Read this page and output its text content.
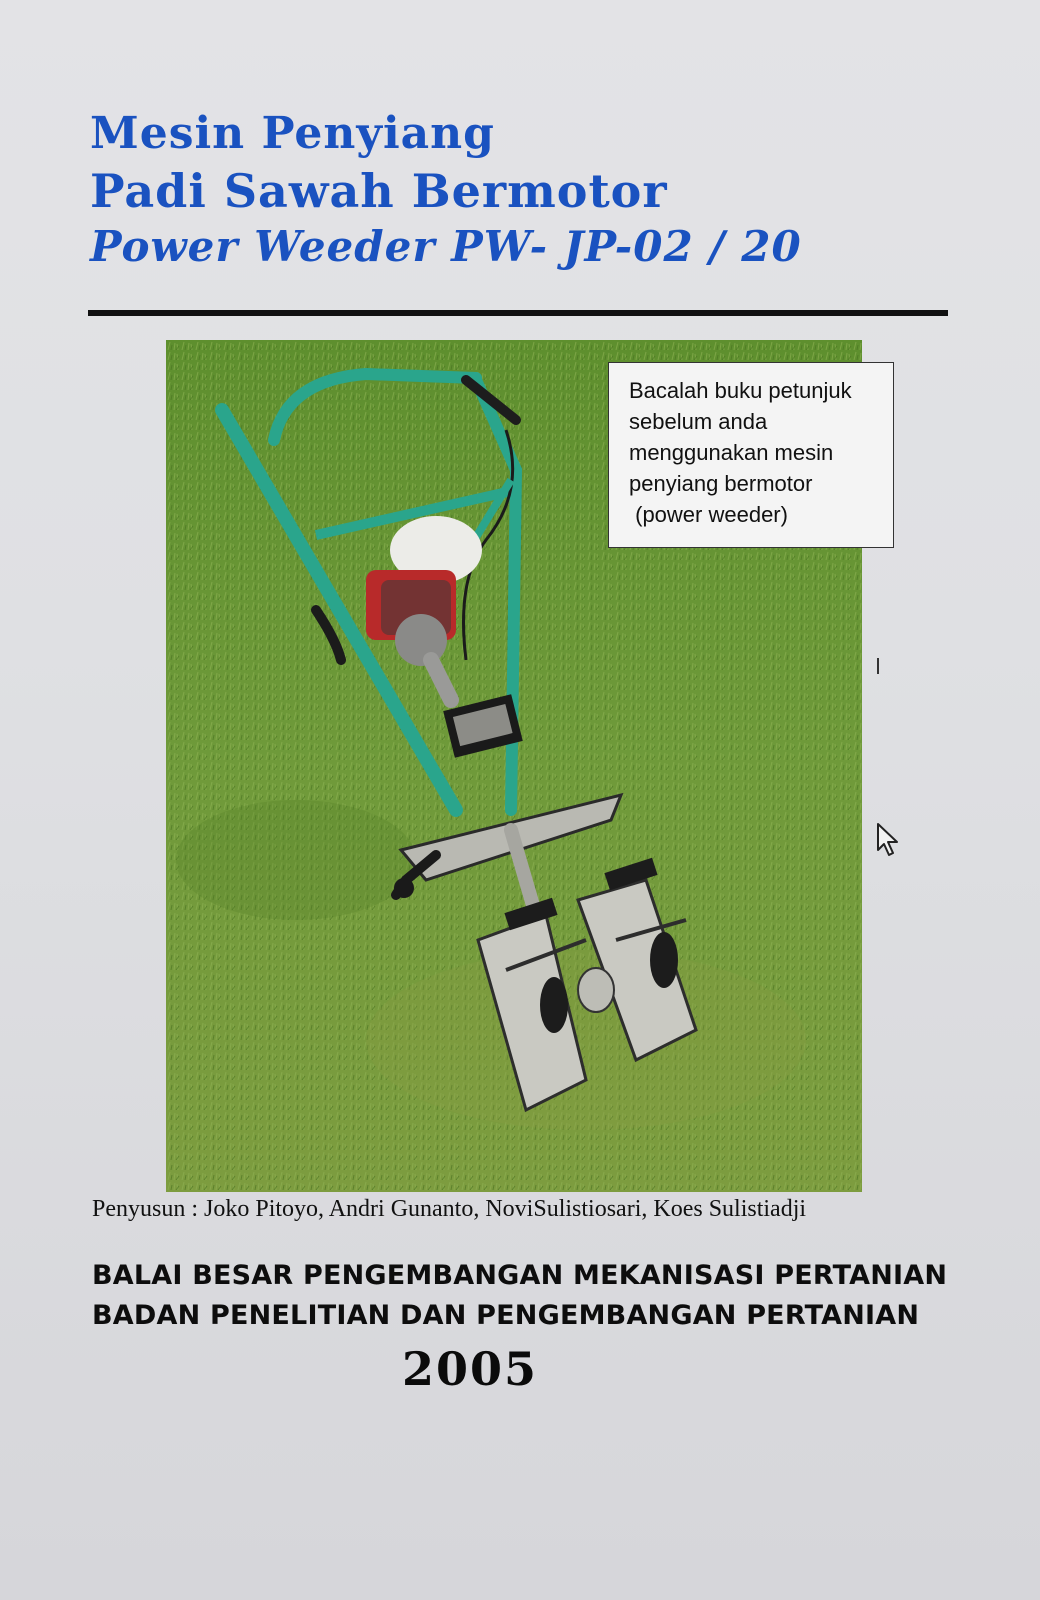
Mesin Penyiang
Padi Sawah Bermotor
Power Weeder PW- JP-02 / 20
Bacalah buku petunjuk
sebelum anda
menggunakan mesin
penyiang bermotor
(power weeder)
Penyusun : Joko Pitoyo, Andri Gunanto, NoviSulistiosari, Koes Sulistiadji
BALAI BESAR PENGEMBANGAN MEKANISASI PERTANIAN
BADAN PENELITIAN DAN PENGEMBANGAN PERTANIAN
2005
